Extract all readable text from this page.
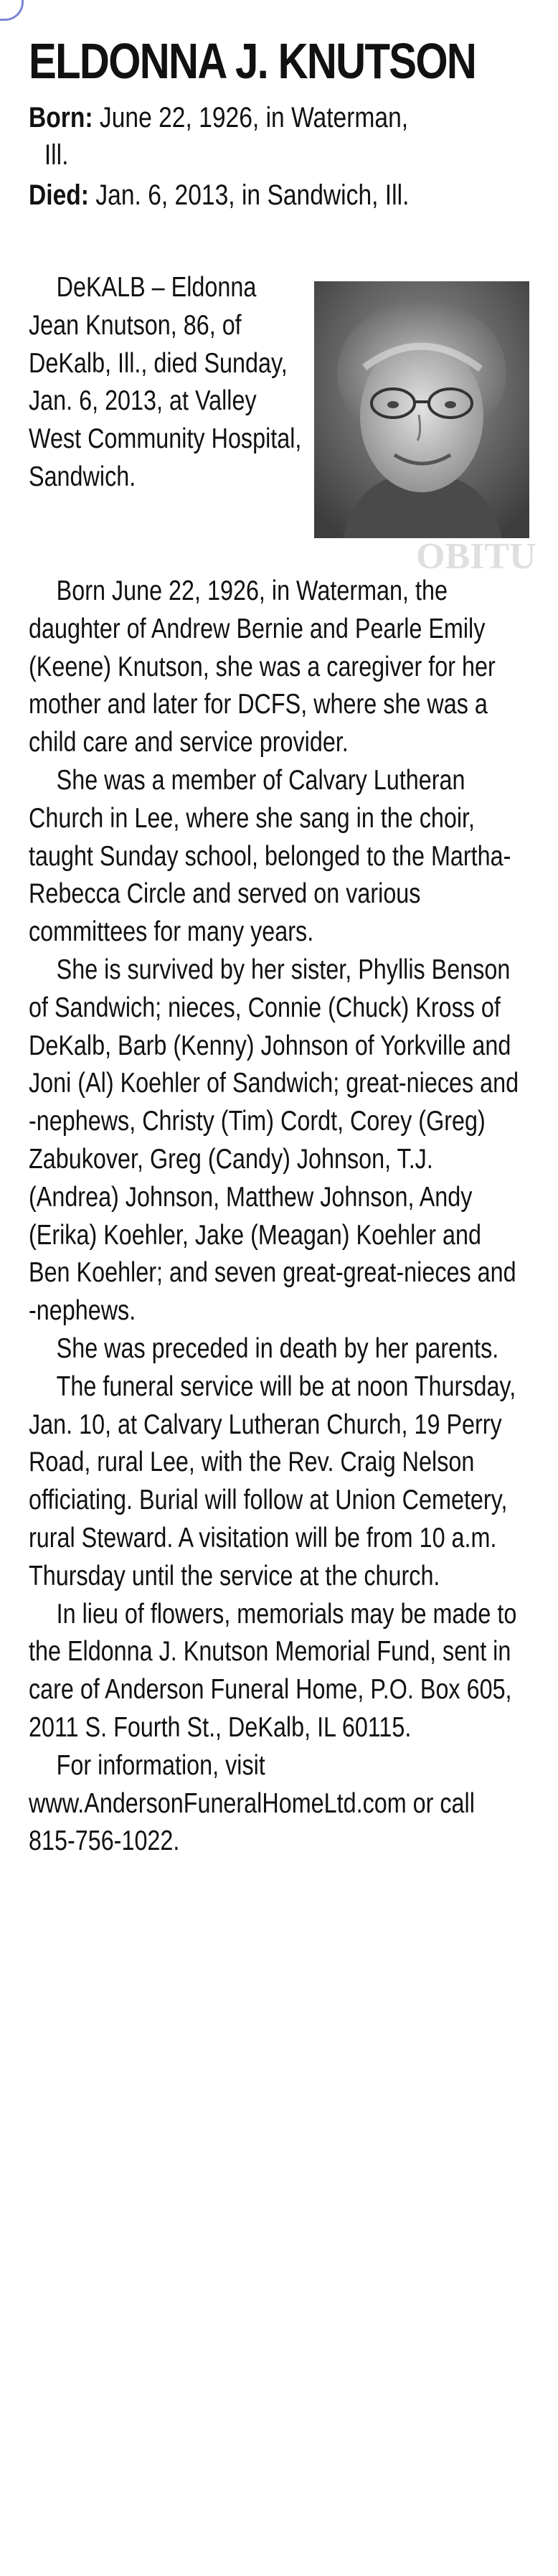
ELDONNA J. KNUTSON
Born: June 22, 1926, in Waterman,
Ill.
Died: Jan. 6, 2013, in Sandwich, Ill.

DeKALB – Eldonna Jean Knutson, 86, of DeKalb, Ill., died Sunday, Jan. 6, 2013, at Valley West Community Hospital, Sandwich.

OBITU

Born June 22, 1926, in Waterman, the daughter of Andrew Bernie and Pearle Emily (Keene) Knutson, she was a caregiver for her mother and later for DCFS, where she was a child care and service provider.

She was a member of Calvary Lutheran Church in Lee, where she sang in the choir, taught Sunday school, belonged to the Martha-Rebecca Circle and served on various committees for many years.

She is survived by her sister, Phyllis Benson of Sandwich; nieces, Connie (Chuck) Kross of DeKalb, Barb (Kenny) Johnson of Yorkville and Joni (Al) Koehler of Sandwich; great-nieces and -nephews, Christy (Tim) Cordt, Corey (Greg) Zabukover, Greg (Candy) Johnson, T.J. (Andrea) Johnson, Matthew Johnson, Andy (Erika) Koehler, Jake (Meagan) Koehler and Ben Koehler; and seven great-great-nieces and -nephews.

She was preceded in death by her parents.

The funeral service will be at noon Thursday, Jan. 10, at Calvary Lutheran Church, 19 Perry Road, rural Lee, with the Rev. Craig Nelson officiating. Burial will follow at Union Cemetery, rural Steward. A visitation will be from 10 a.m. Thursday until the service at the church.

In lieu of flowers, memorials may be made to the Eldonna J. Knutson Memorial Fund, sent in care of Anderson Funeral Home, P.O. Box 605, 2011 S. Fourth St., DeKalb, IL 60115.

For information, visit www.AndersonFuneralHomeLtd.com or call 815-756-1022.
